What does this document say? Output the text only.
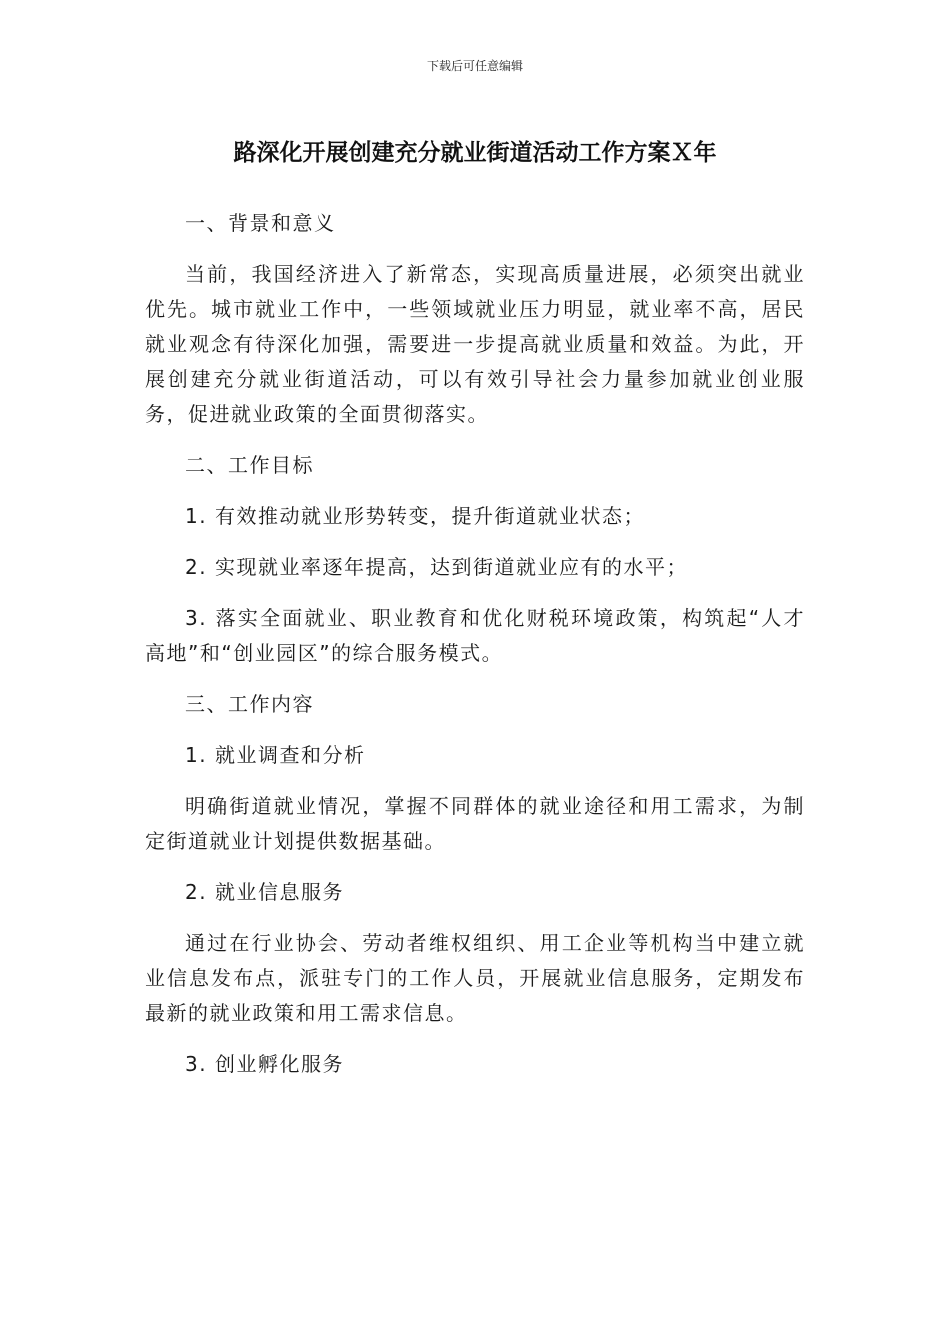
下载后可任意编辑
路深化开展创建充分就业街道活动工作方案Ｘ年

一、背景和意义

当前，我国经济进入了新常态，实现高质量进展，必须突出就业优先。城市就业工作中，一些领域就业压力明显，就业率不高，居民就业观念有待深化加强，需要进一步提高就业质量和效益。为此，开展创建充分就业街道活动，可以有效引导社会力量参加就业创业服务，促进就业政策的全面贯彻落实。

二、工作目标

1. 有效推动就业形势转变，提升街道就业状态；

2. 实现就业率逐年提高，达到街道就业应有的水平；

3. 落实全面就业、职业教育和优化财税环境政策，构筑起“人才高地”和“创业园区”的综合服务模式。

三、工作内容

1. 就业调查和分析

明确街道就业情况，掌握不同群体的就业途径和用工需求，为制定街道就业计划提供数据基础。

2. 就业信息服务

通过在行业协会、劳动者维权组织、用工企业等机构当中建立就业信息发布点，派驻专门的工作人员，开展就业信息服务，定期发布最新的就业政策和用工需求信息。

3. 创业孵化服务
